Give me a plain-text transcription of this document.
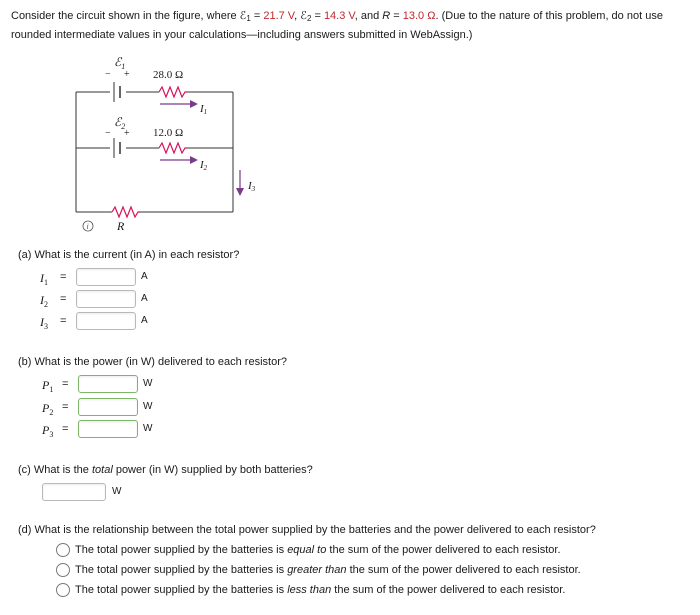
Consider the circuit shown in the figure, where ℰ$_1$ = 21.7 V, ℰ$_2$ = 14.3 V, and R = 13.0 Ω. (Due to the nature of this problem, do not use rounded intermediate values in your calculations—including answers submitted in WebAssign.)
ℰ$_1$
− + 28.0 Ω
I1
ℰ$_2$
− + 12.0 Ω
I2
I3
R
i
(a) What is the current (in A) in each resistor?
$I_1$ =	A
$I_2$ =	A
$I_3$ =	A
(b) What is the power (in W) delivered to each resistor?
$P_1$ =	W
$P_2$ =	W
$P_3$ =	W
(c) What is the total power (in W) supplied by both batteries?
W
(d) What is the relationship between the total power supplied by the batteries and the power delivered to each resistor?
The total power supplied by the batteries is equal to the sum of the power delivered to each resistor.
The total power supplied by the batteries is greater than the sum of the power delivered to each resistor.
The total power supplied by the batteries is less than the sum of the power delivered to each resistor.
